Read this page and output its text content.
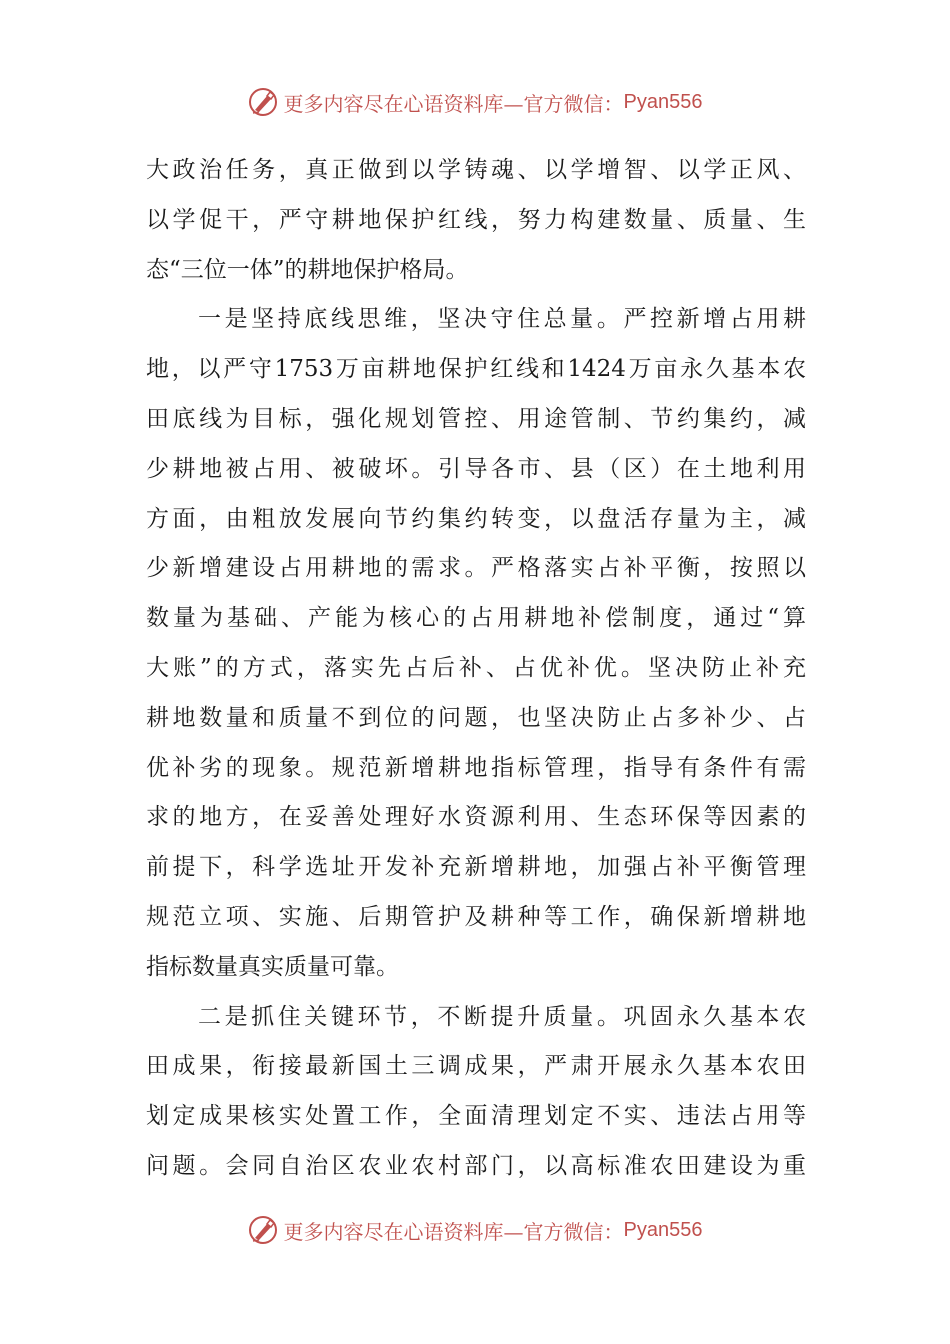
更多内容尽在心语资料库—官方微信： Pyan556
大政治任务，真正做到以学铸魂、以学增智、以学正风、
以学促干，严守耕地保护红线，努力构建数量、质量、生
态“三位一体”的耕地保护格局。
一是坚持底线思维，坚决守住总量。严控新增占用耕
地，以严守1753万亩耕地保护红线和1424万亩永久基本农
田底线为目标，强化规划管控、用途管制、节约集约，减
少耕地被占用、被破坏。引导各市、县（区）在土地利用
方面，由粗放发展向节约集约转变，以盘活存量为主，减
少新增建设占用耕地的需求。严格落实占补平衡，按照以
数量为基础、产能为核心的占用耕地补偿制度，通过“算
大账”的方式，落实先占后补、占优补优。坚决防止补充
耕地数量和质量不到位的问题，也坚决防止占多补少、占
优补劣的现象。规范新增耕地指标管理，指导有条件有需
求的地方，在妥善处理好水资源利用、生态环保等因素的
前提下，科学选址开发补充新增耕地，加强占补平衡管理
规范立项、实施、后期管护及耕种等工作，确保新增耕地
指标数量真实质量可靠。
二是抓住关键环节，不断提升质量。巩固永久基本农
田成果，衔接最新国土三调成果，严肃开展永久基本农田
划定成果核实处置工作，全面清理划定不实、违法占用等
问题。会同自治区农业农村部门，以高标准农田建设为重
更多内容尽在心语资料库—官方微信： Pyan556
